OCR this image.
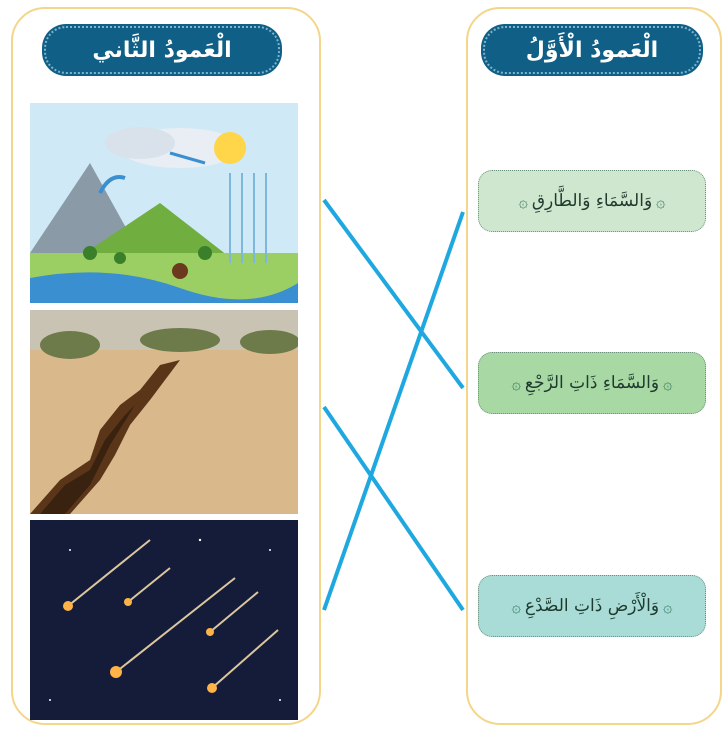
الْعَمودُ الثَّاني	الْعَمودُ الْأَوَّلُ
۞
وَالسَّمَاءِ وَالطَّارِقِ
۞
۞
وَالسَّمَاءِ ذَاتِ الرَّجْعِ
۞
۞
وَالْأَرْضِ ذَاتِ الصَّدْعِ
۞
